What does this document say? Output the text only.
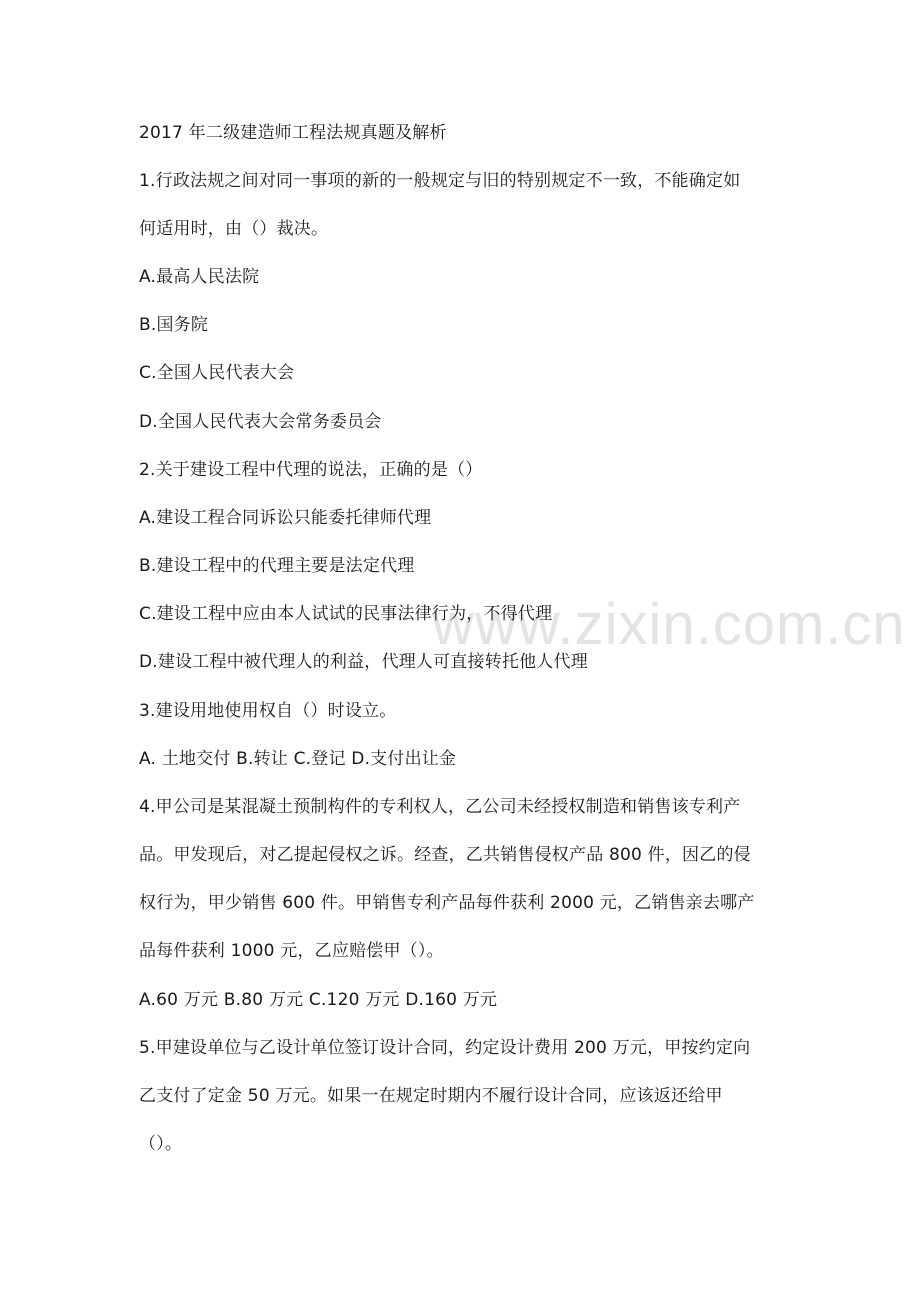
www.zixin.com.cn
2017 年二级建造师工程法规真题及解析
1.行政法规之间对同一事项的新的一般规定与旧的特别规定不一致，不能确定如
何适用时，由（）裁决。
A.最高人民法院
B.国务院
C.全国人民代表大会
D.全国人民代表大会常务委员会
2.关于建设工程中代理的说法，正确的是（）
A.建设工程合同诉讼只能委托律师代理
B.建设工程中的代理主要是法定代理
C.建设工程中应由本人试试的民事法律行为，不得代理
D.建设工程中被代理人的利益，代理人可直接转托他人代理
3.建设用地使用权自（）时设立。
A. 土地交付 B.转让 C.登记 D.支付出让金
4.甲公司是某混凝土预制构件的专利权人，乙公司未经授权制造和销售该专利产
品。甲发现后，对乙提起侵权之诉。经查，乙共销售侵权产品 800 件，因乙的侵
权行为，甲少销售 600 件。甲销售专利产品每件获利 2000 元，乙销售亲去哪产
品每件获利 1000 元，乙应赔偿甲（）。
A.60 万元 B.80 万元 C.120 万元 D.160 万元
5.甲建设单位与乙设计单位签订设计合同，约定设计费用 200 万元，甲按约定向
乙支付了定金 50 万元。如果一在规定时期内不履行设计合同，应该返还给甲
（）。
